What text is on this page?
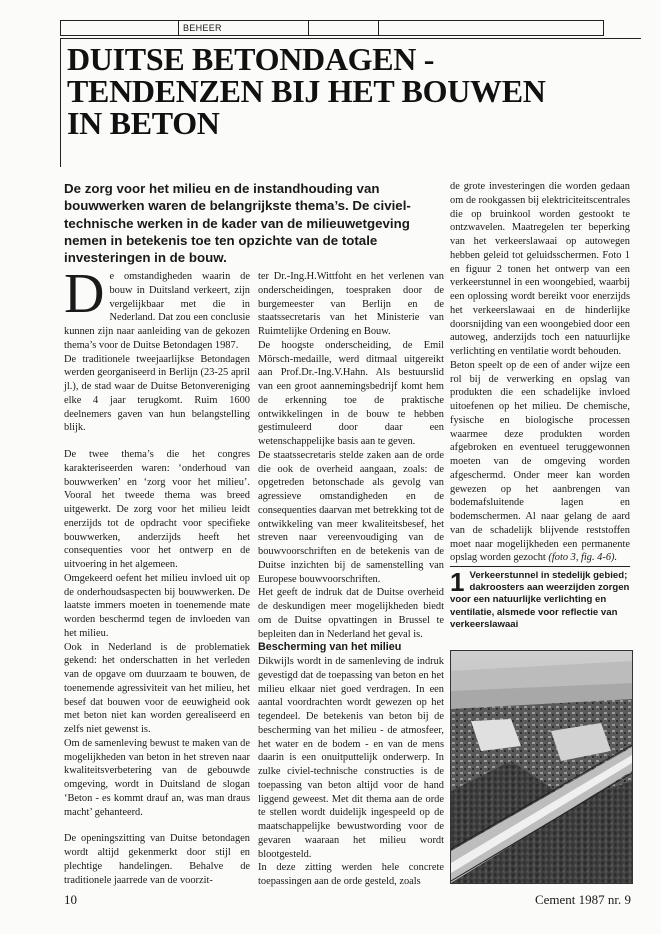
BEHEER
DUITSE BETONDAGEN -
TENDENZEN BIJ HET BOUWEN
IN BETON

De zorg voor het milieu en de instandhouding van bouwwerken waren de belangrijkste thema’s. De civiel-technische werken in de kader van de milieuwetgeving nemen in betekenis toe ten opzichte van de totale investeringen in de bouw.

De omstandigheden waarin de bouw in Duitsland verkeert, zijn vergelijkbaar met die in Nederland. Dat zou een conclusie kunnen zijn naar aanleiding van de gekozen thema’s voor de Duitse Betondagen 1987.

De traditionele tweejaarlijkse Betondagen werden georganiseerd in Berlijn (23-25 april jl.), de stad waar de Duitse Betonvereniging elke 4 jaar terugkomt. Ruim 1600 deelnemers gaven van hun belangstelling blijk.

De twee thema’s die het congres karakteriseerden waren: ‘onderhoud van bouwwerken’ en ‘zorg voor het milieu’. Vooral het tweede thema was breed uitgewerkt. De zorg voor het milieu leidt enerzijds tot de opdracht voor specifieke bouwwerken, anderzijds heeft het consequenties voor het ontwerp en de uitvoering in het algemeen.

Omgekeerd oefent het milieu invloed uit op de onderhoudsaspecten bij bouwwerken. De laatste immers moeten in toenemende mate worden beschermd tegen de invloeden van het milieu.

Ook in Nederland is de problematiek gekend: het onderschatten in het verleden van de opgave om duurzaam te bouwen, de toenemende agressiviteit van het milieu, het besef dat bouwen voor de eeuwigheid ook met beton niet kan worden gerealiseerd en zelfs niet gewenst is.

Om de samenleving bewust te maken van de mogelijkheden van beton in het streven naar kwaliteitsverbetering van de gebouwde omgeving, wordt in Duitsland de slogan ‘Beton - es kommt drauf an, was man draus macht’ gehanteerd.

De openingszitting van Duitse betondagen wordt altijd gekenmerkt door stijl en plechtige handelingen. Behalve de traditionele jaarrede van de voorzit-

ter Dr.-Ing.H.Wittfoht en het verlenen van onderscheidingen, toespraken door de burgemeester van Berlijn en de staatssecretaris van het Ministerie van Ruimtelijke Ordening en Bouw.

De hoogste onderscheiding, de Emil Mörsch-medaille, werd ditmaal uitgereikt aan Prof.Dr.-Ing.V.Hahn. Als bestuurslid van een groot aannemingsbedrijf komt hem de erkenning toe de praktische ontwikkelingen in de bouw te hebben gestimuleerd door daar een wetenschappelijke basis aan te geven.

De staatssecretaris stelde zaken aan de orde die ook de overheid aangaan, zoals: de opgetreden betonschade als gevolg van agressieve omstandigheden en de consequenties daarvan met betrekking tot de ontwikkeling van meer kwaliteitsbesef, het streven naar vereenvoudiging van de bouwvoorschriften en de betekenis van de Duitse inzichten bij de samenstelling van Europese bouwvoorschriften.

Het geeft de indruk dat de Duitse overheid de deskundigen meer mogelijkheden biedt om de Duitse opvattingen in Brussel te bepleiten dan in Nederland het geval is.

Bescherming van het milieu

Dikwijls wordt in de samenleving de indruk gevestigd dat de toepassing van beton en het milieu elkaar niet goed verdragen. In een aantal voordrachten wordt gewezen op het tegendeel. De betekenis van beton bij de bescherming van het milieu - de atmosfeer, het water en de bodem - en van de mens daarin is een onuitputtelijk onderwerp. In zulke civiel-technische constructies is de toepassing van beton altijd voor de hand liggend geweest. Met dit thema aan de orde te stellen wordt duidelijk ingespeeld op de maatschappelijke bewustwording voor de gevaren waaraan het milieu wordt blootgesteld.

In deze zitting werden hele concrete toepassingen aan de orde gesteld, zoals

de grote investeringen die worden gedaan om de rookgassen bij elektriciteitscentrales die op bruinkool worden gestookt te ontzwavelen. Maatregelen ter beperking van het verkeerslawaai op autowegen hebben geleid tot geluidsschermen. Foto 1 en figuur 2 tonen het ontwerp van een verkeerstunnel in een woongebied, waarbij een oplossing wordt bereikt voor enerzijds het verkeerslawaai en de hinderlijke doorsnijding van een woongebied door een autoweg, anderzijds toch een natuurlijke verlichting en ventilatie wordt behouden.

Beton speelt op de een of ander wijze een rol bij de verwerking en opslag van produkten die een schadelijke invloed uitoefenen op het milieu. De chemische, fysische en biologische processen waarmee deze produkten worden afgebroken en eventueel teruggewonnen moeten van de omgeving worden afgeschermd. Onder meer kan worden gewezen op het aanbrengen van bodemafsluitende lagen en bodemschermen. Al naar gelang de aard van de schadelijk blijvende reststoffen moet naar mogelijkheden een permanente opslag worden gezocht (foto 3, fig. 4-6).

1 Verkeerstunnel in stedelijk gebied; dakroosters aan weerzijden zorgen voor een natuurlijke verlichting en ventilatie, alsmede voor reflectie van verkeerslawaai
10	Cement 1987 nr. 9
